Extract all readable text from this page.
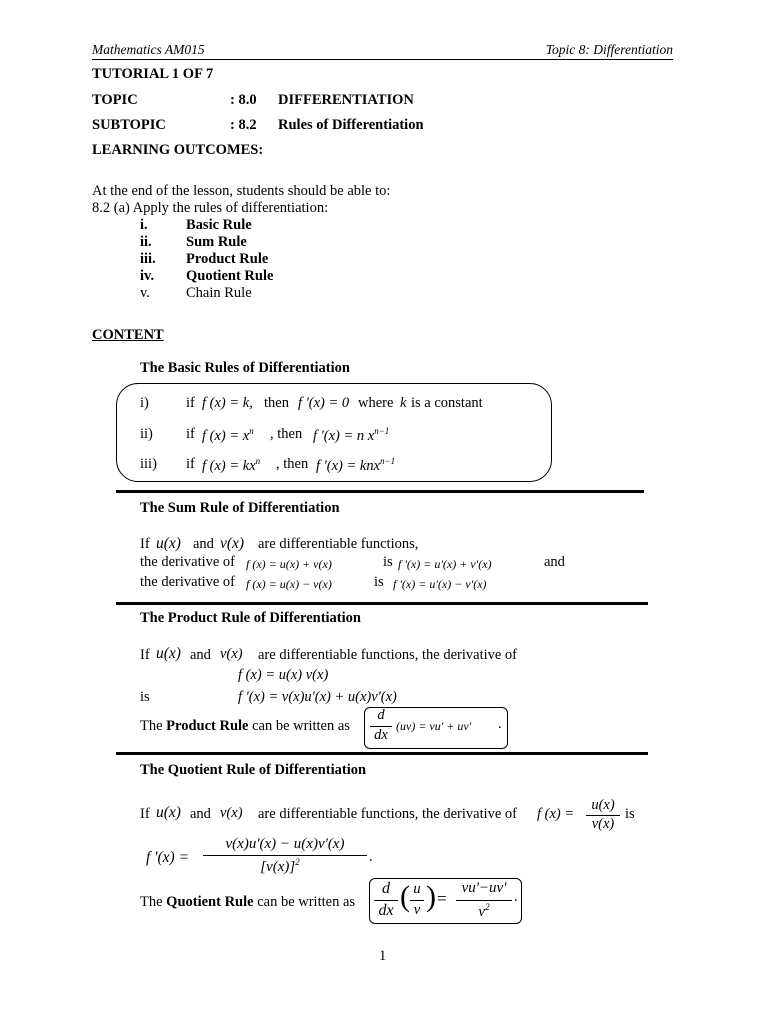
Mathematics AM015	Topic 8: Differentiation
TUTORIAL 1 OF 7
TOPIC	: 8.0 DIFFERENTIATION
SUBTOPIC	: 8.2 Rules of Differentiation
LEARNING OUTCOMES:
At the end of the lesson, students should be able to:
8.2 (a) Apply the rules of differentiation:
i.	Basic Rule
ii. Sum Rule
iii. Product Rule
iv. Quotient Rule
v. Chain Rule
CONTENT
The Basic Rules of Differentiation
i)	if f (x) = k, then f '(x) = 0 where k is a constant
ii) if f $(x) = x^n$ , then f '(x) = n $x^{n-1}$
iii) if f $(x) = kx^n$ , then f '(x) = knx$^{n-1}$
The Sum Rule of Differentiation
If u(x) and v(x) are differentiable functions,
the derivative of f (x) = u(x) + v(x)	is f '(x) = u'(x) + v'(x)	and
the derivative of f (x) = u(x) − v(x)	is f '(x) = u'(x) − v'(x)
The Product Rule of Differentiation
If u(x) and v(x) are differentiable functions, the derivative of
f (x) = u(x) v(x)
is	f '(x) = v(x)u'(x) + u(x)v'(x)
The Product Rule can be written as
d
dx
(uv) = vu' + uv' .
The Quotient Rule of Differentiation
If u(x) and v(x) are differentiable functions, the derivative of f (x) =
u(x)
v(x)
is
f '(x) =
v(x)u'(x) − u(x)v'(x)
$[v(x)]^2$	.
The Quotient Rule can be written as
d
dx ( u
v ) =
vu'−uv'
$v^2$
.
1
